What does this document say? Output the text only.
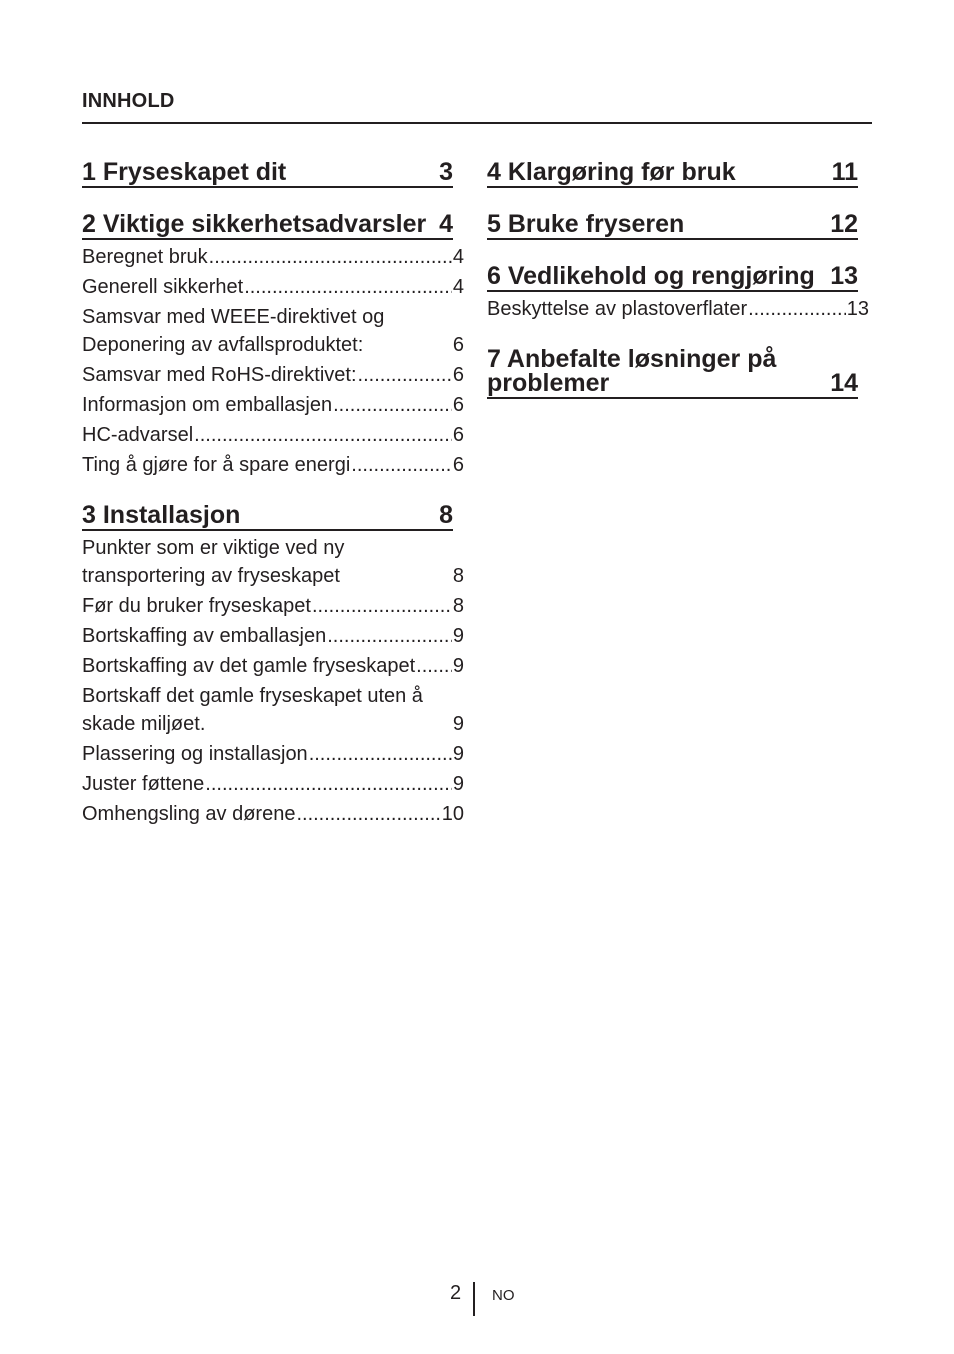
INNHOLD
1 Fryseskapet dit	3
2 Viktige sikkerhetsadvarsler 4
Beregnet bruk .....	4
Generell sikkerhet .....	4
Samsvar med WEEE-direktivet og Deponering av avfallsproduktet:	6
Samsvar med RoHS-direktivet: .....	6
Informasjon om emballasjen .....	6
HC-advarsel .....	6
Ting å gjøre for å spare energi .....	6
3 Installasjon	8
Punkter som er viktige ved ny transportering av fryseskapet	8
Før du bruker fryseskapet .....	8
Bortskaffing av emballasjen .....	9
Bortskaffing av det gamle fryseskapet ..... 9
Bortskaff det gamle fryseskapet uten å skade miljøet.	9
Plassering og installasjon .....	9
Juster føttene .....	9
Omhengsling av dørene .....	10
4 Klargøring før bruk	11
5 Bruke fryseren	12
6 Vedlikehold og rengjøring 13
Beskyttelse av plastoverflater .....	13
7 Anbefalte løsninger på problemer	14
2 NO
